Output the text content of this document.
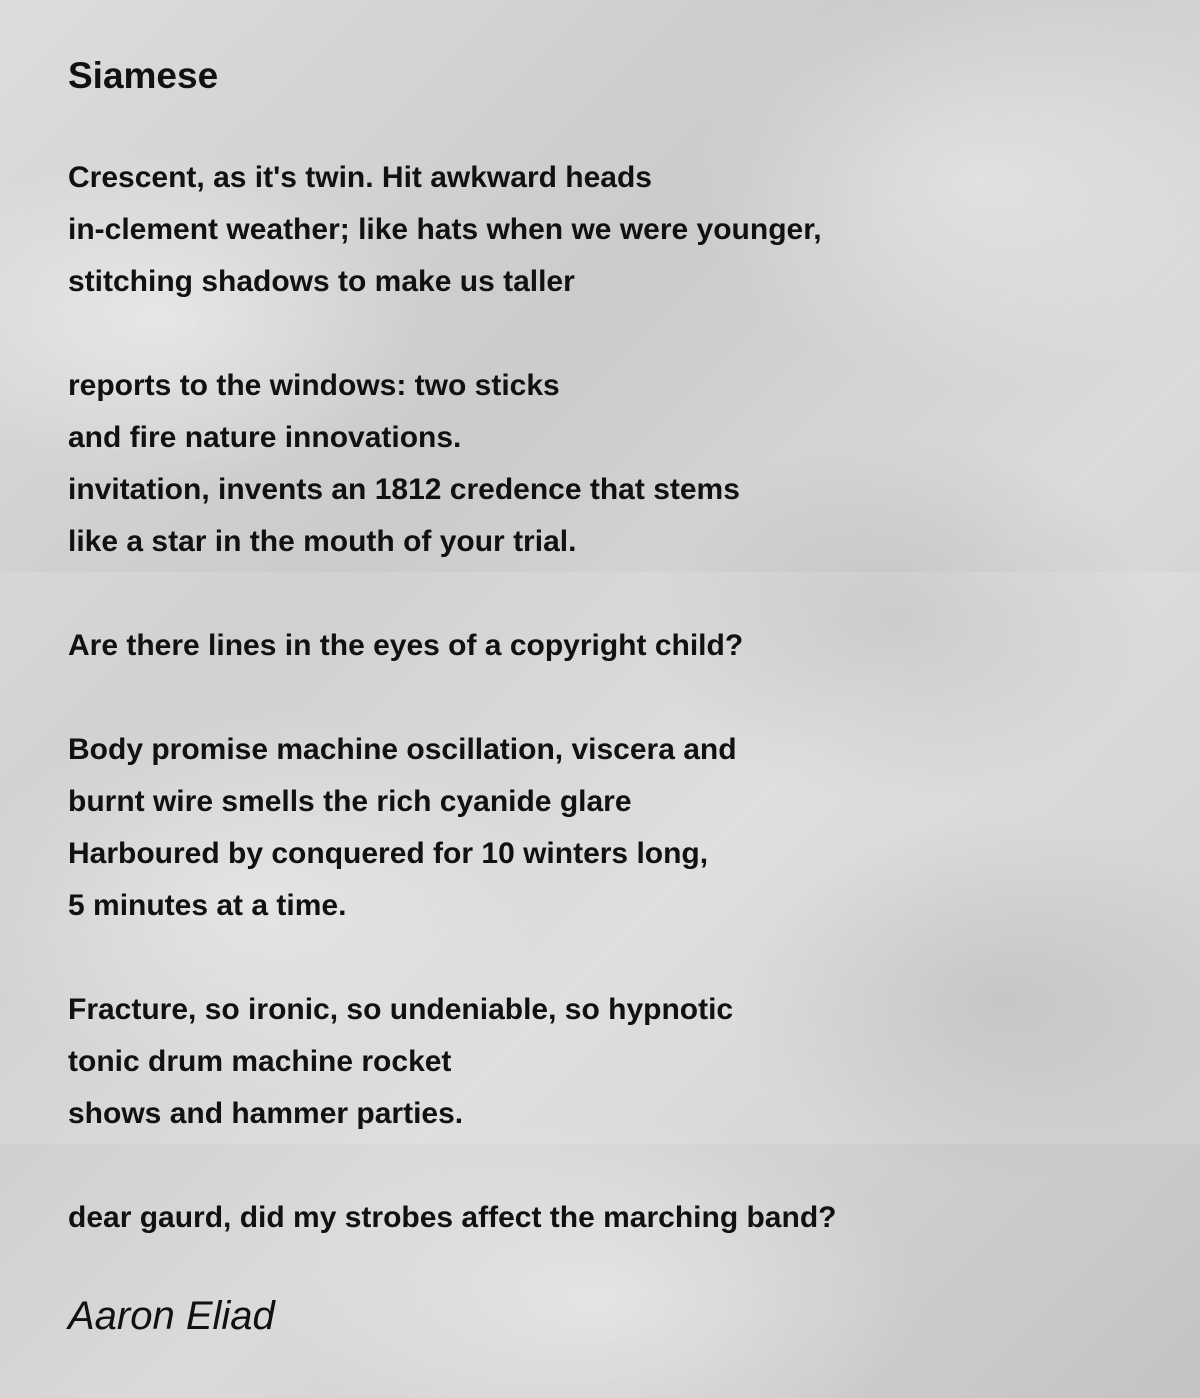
Siamese
Crescent, as it's twin. Hit awkward heads
in-clement weather; like hats when we were younger,
stitching shadows to make us taller
reports to the windows: two sticks
and fire nature innovations.
invitation, invents an 1812 credence that stems
like a star in the mouth of your trial.
Are there lines in the eyes of a copyright child?
Body promise machine oscillation, viscera and
burnt wire smells the rich cyanide glare
Harboured by conquered for 10 winters long,
5 minutes at a time.
Fracture, so ironic, so undeniable, so hypnotic
tonic drum machine rocket
shows and hammer parties.
dear gaurd, did my strobes affect the marching band?
Aaron Eliad
